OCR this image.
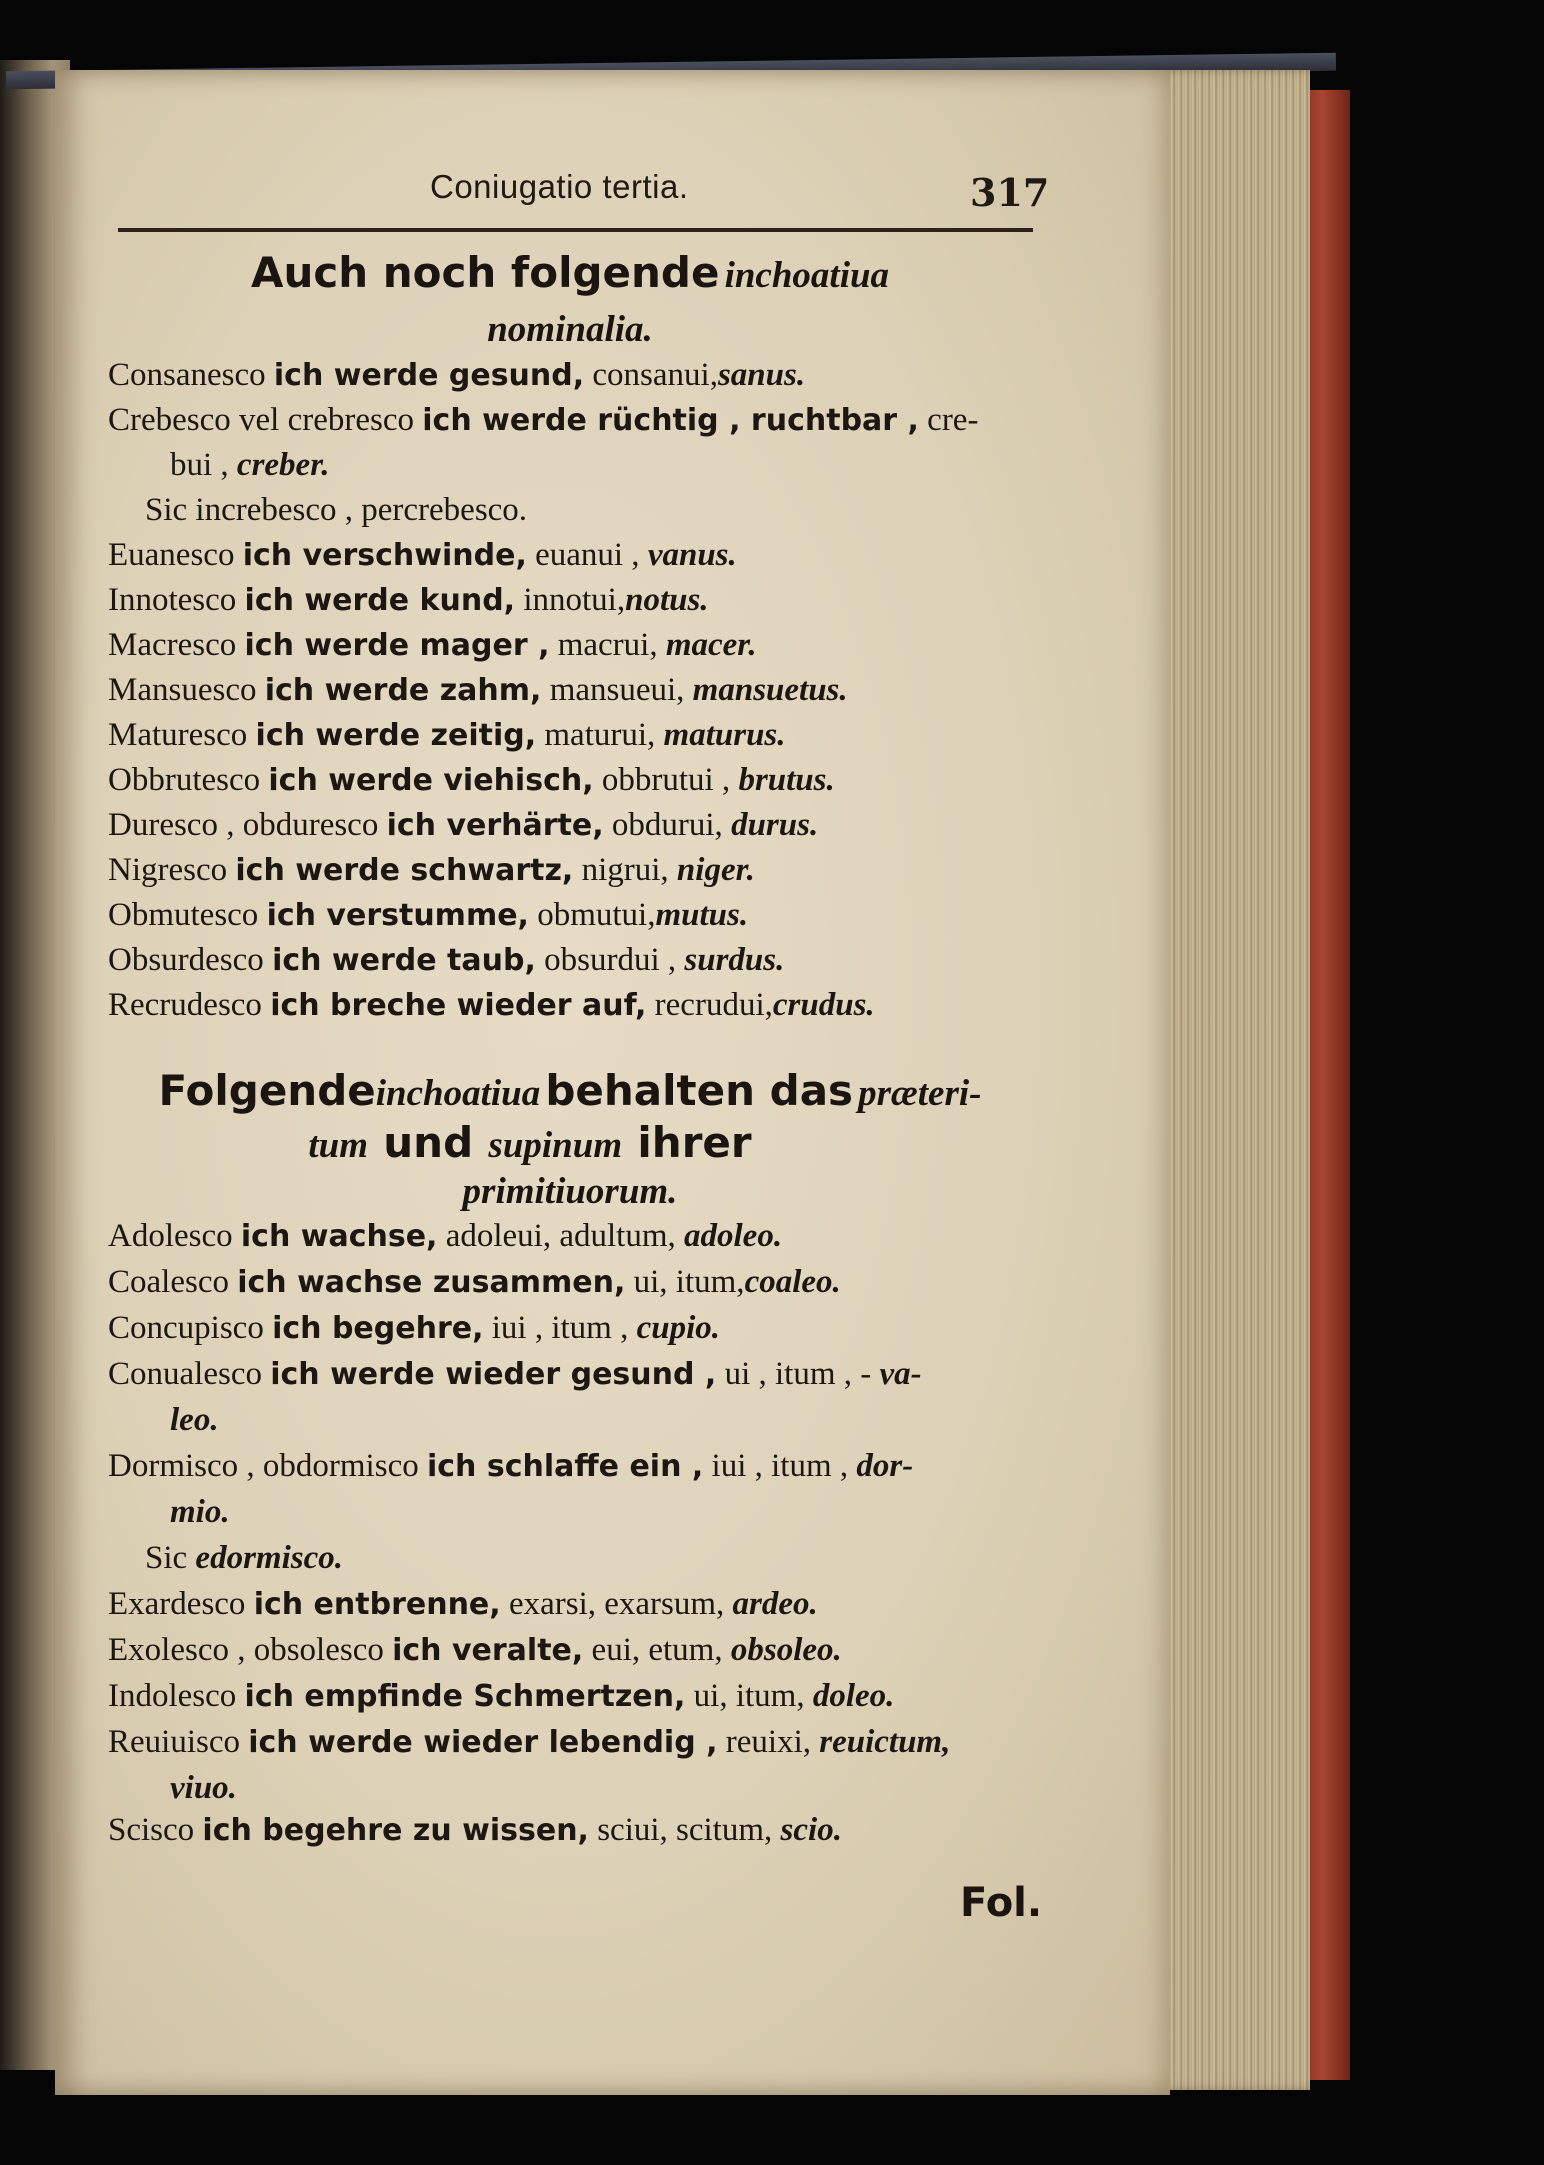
Coniugatio tertia.	317
Auch noch folgende inchoatiua
nominalia.
Consanesco ich werde gesund, consanui,sanus.
Crebesco vel crebresco ich werde rüchtig , ruchtbar , cre-
bui , creber.
Sic increbesco , percrebesco.
Euanesco ich verschwinde, euanui , vanus.
Innotesco ich werde kund, innotui,notus.
Macresco ich werde mager , macrui, macer.
Mansuesco ich werde zahm, mansueui, mansuetus.
Maturesco ich werde zeitig, maturui, maturus.
Obbrutesco ich werde viehisch, obbrutui , brutus.
Duresco , obduresco ich verhärte, obdurui, durus.
Nigresco ich werde schwartz, nigrui, niger.
Obmutesco ich verstumme, obmutui,mutus.
Obsurdesco ich werde taub, obsurdui , surdus.
Recrudesco ich breche wieder auf, recrudui,crudus.
Folgendeinchoatiua behalten das præteri-
tum und supinum ihrer
primitiuorum.
Adolesco ich wachse, adoleui, adultum, adoleo.
Coalesco ich wachse zusammen, ui, itum,coaleo.
Concupisco ich begehre, iui , itum , cupio.
Conualesco ich werde wieder gesund , ui , itum , - va-
leo.
Dormisco , obdormisco ich schlaffe ein , iui , itum , dor-
mio.
Sic edormisco.
Exardesco ich entbrenne, exarsi, exarsum, ardeo.
Exolesco , obsolesco ich veralte, eui, etum, obsoleo.
Indolesco ich empfinde Schmertzen, ui, itum, doleo.
Reuiuisco ich werde wieder lebendig , reuixi, reuictum,
viuo.
Scisco ich begehre zu wissen, sciui, scitum, scio.
Fol.
